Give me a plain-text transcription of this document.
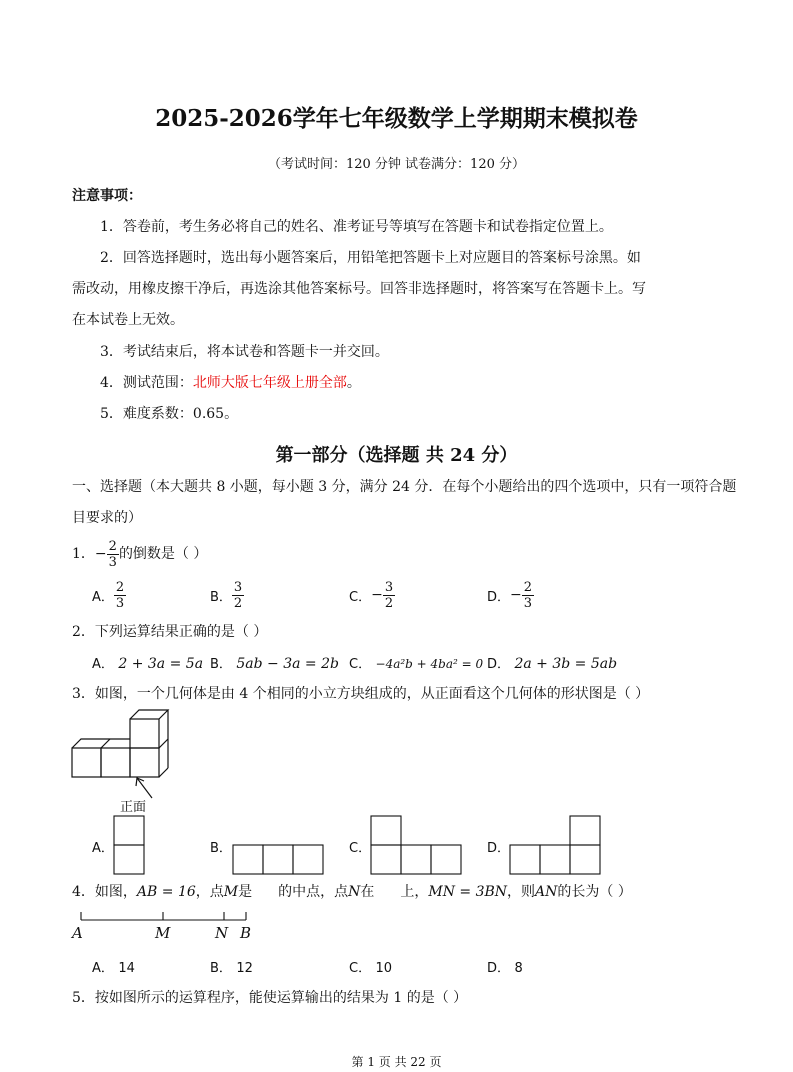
2025-2026学年七年级数学上学期期末模拟卷
（考试时间：120 分钟 试卷满分：120 分）
注意事项：
1．答卷前，考生务必将自己的姓名、准考证号等填写在答题卡和试卷指定位置上。
2．回答选择题时，选出每小题答案后，用铅笔把答题卡上对应题目的答案标号涂黑。如
需改动，用橡皮擦干净后，再选涂其他答案标号。回答非选择题时，将答案写在答题卡上。写
在本试卷上无效。
3．考试结束后，将本试卷和答题卡一并交回。
4．测试范围：北师大版七年级上册全部。
5．难度系数：0.65。
第一部分（选择题 共 24 分）
一、选择题（本大题共 8 小题，每小题 3 分，满分 24 分．在每个小题给出的四个选项中，只有一项符合题
目要求的）
1． − $\frac{2}{3}$ 的倒数是（ ）
A． $\frac{2}{3}$	B． $\frac{3}{2}$	C． − $\frac{3}{2}$	D． − $\frac{2}{3}$
2．下列运算结果正确的是（ ）
A． 2 + 3a = 5a B． 5ab − 3a = 2b C． −4a²b + 4ba² = 0 D． 2a + 3b = 5ab
3．如图，一个几何体是由 4 个相同的小立方块组成的，从正面看这个几何体的形状图是（ ）
正面
A．	B．	C．	D．
4．如图，AB = 16，点M是 的中点，点N在 上，MN = 3BN，则AN的长为（ ）
A	M	N B
A． 14	B． 12	C． 10	D． 8
5．按如图所示的运算程序，能使运算输出的结果为 1 的是（ ）
第 1 页 共 22 页
